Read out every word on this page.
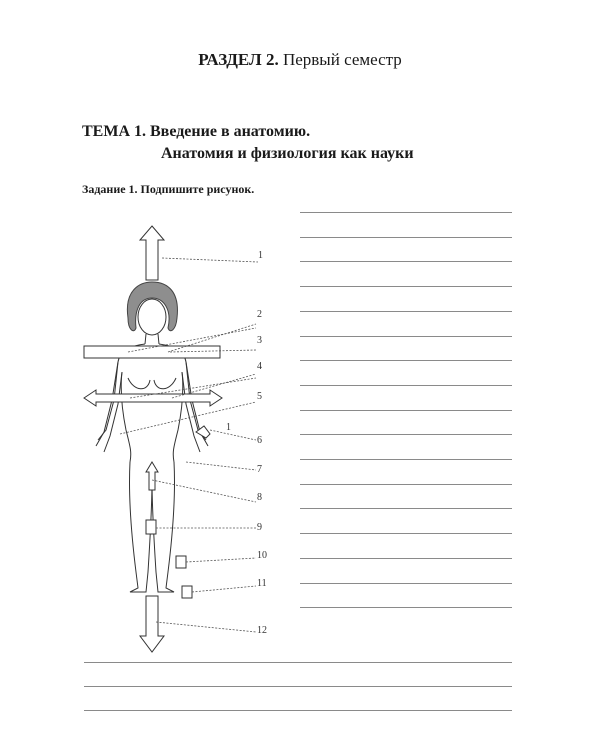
РАЗДЕЛ 2. Первый семестр
ТЕМА 1. Введение в анатомию.
Анатомия и физиология как науки
Задание 1. Подпишите рисунок.
1
2
3
4
5
6
7
8
9
10
11
12
1
